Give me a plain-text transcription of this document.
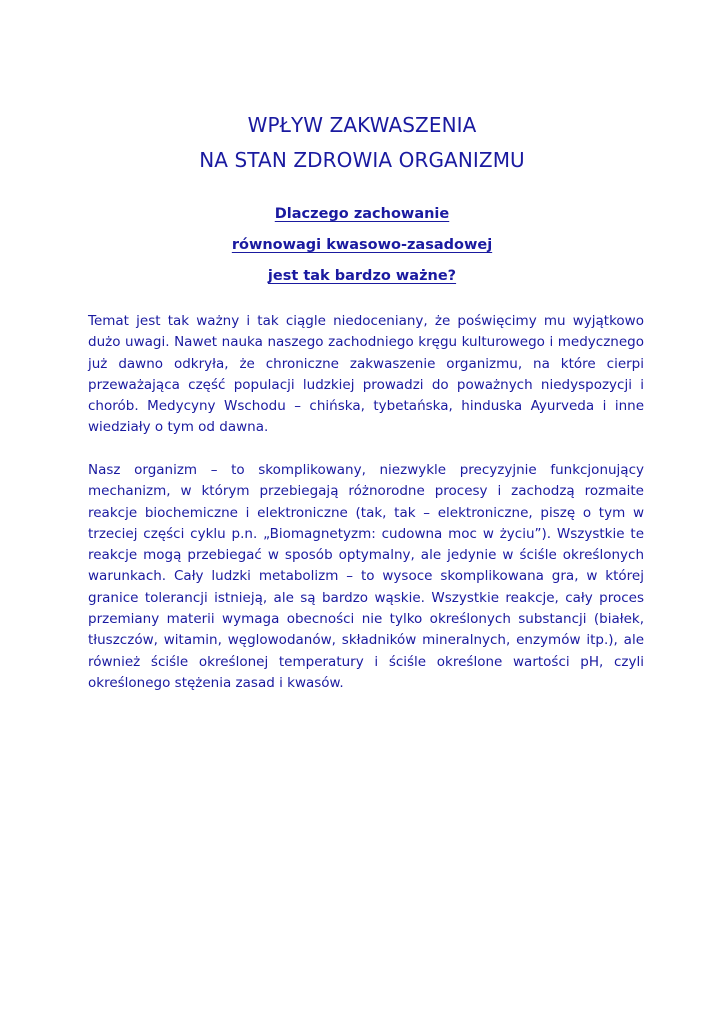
WPŁYW ZAKWASZENIA
NA STAN ZDROWIA ORGANIZMU
Dlaczego zachowanie
równowagi kwasowo-zasadowej
jest tak bardzo ważne?

Temat jest tak ważny i tak ciągle niedoceniany, że poświęcimy mu wyjątkowo dużo uwagi. Nawet nauka naszego zachodniego kręgu kulturowego i medycznego już dawno odkryła, że chroniczne zakwaszenie organizmu, na które cierpi przeważająca część populacji ludzkiej prowadzi do poważnych niedyspozycji i chorób. Medycyny Wschodu – chińska, tybetańska, hinduska Ayurveda i inne wiedziały o tym od dawna.

Nasz organizm – to skomplikowany, niezwykle precyzyjnie funkcjonujący mechanizm, w którym przebiegają różnorodne procesy i zachodzą rozmaite reakcje biochemiczne i elektroniczne (tak, tak – elektroniczne, piszę o tym w trzeciej części cyklu p.n. „Biomagnetyzm: cudowna moc w życiu”). Wszystkie te reakcje mogą przebiegać w sposób optymalny, ale jedynie w ściśle określonych warunkach. Cały ludzki metabolizm – to wysoce skomplikowana gra, w której granice tolerancji istnieją, ale są bardzo wąskie. Wszystkie reakcje, cały proces przemiany materii wymaga obecności nie tylko określonych substancji (białek, tłuszczów, witamin, węglowodanów, składników mineralnych, enzymów itp.), ale również ściśle określonej temperatury i ściśle określone wartości pH, czyli określonego stężenia zasad i kwasów.
